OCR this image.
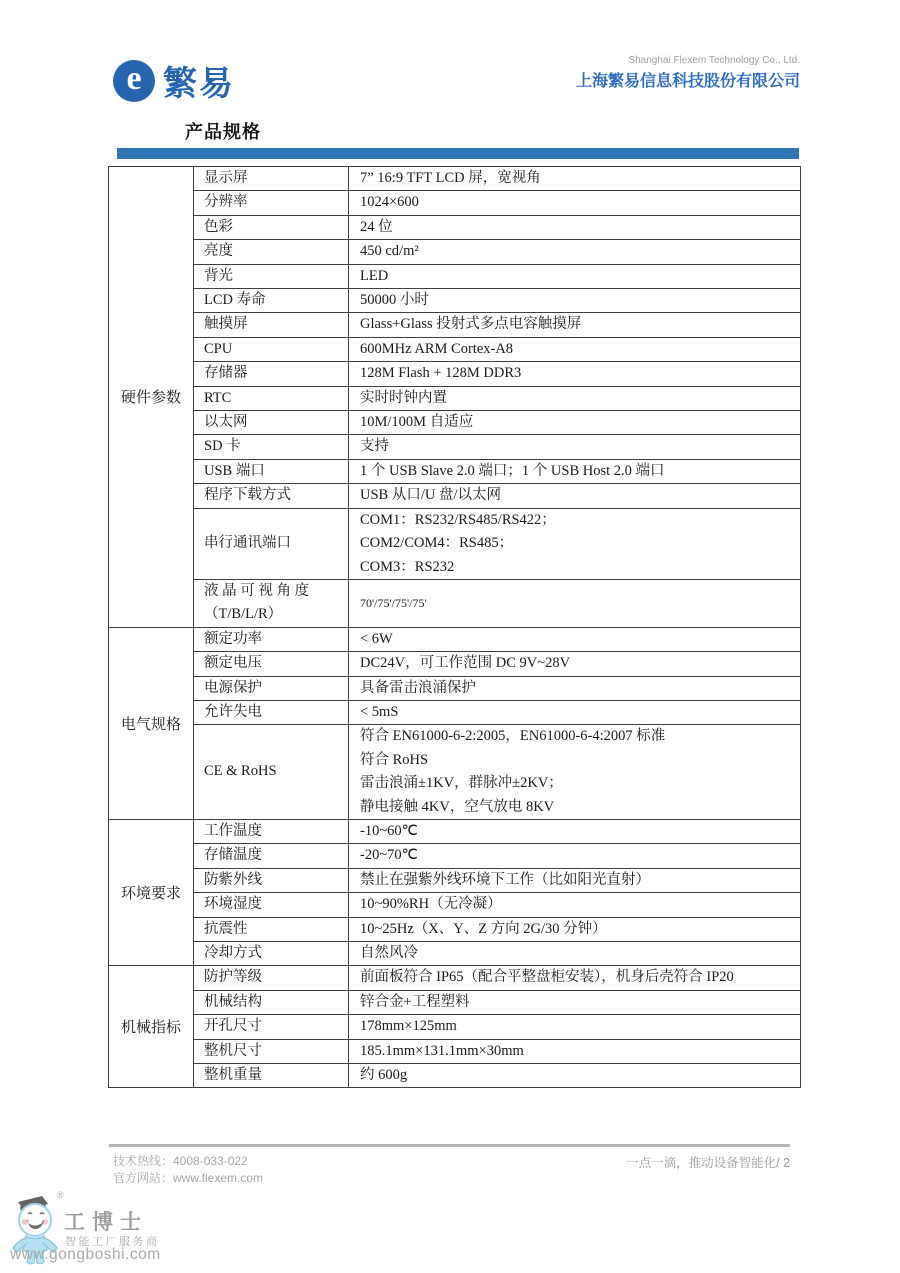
e 繁易
Shanghai Flexem Technology Co., Ltd.
上海繁易信息科技股份有限公司
产品规格
硬件参数	显示屏	7” 16:9 TFT LCD 屏，宽视角

	分辨率	1024×600

	色彩	24 位

	亮度	450 cd/m²

	背光	LED

	LCD 寿命	50000 小时

	触摸屏	Glass+Glass 投射式多点电容触摸屏

	CPU	600MHz ARM Cortex-A8

	存储器	128M Flash + 128M DDR3

	RTC	实时时钟内置

	以太网	10M/100M 自适应

	SD 卡	支持

	USB 端口	1 个 USB Slave 2.0 端口；1 个 USB Host 2.0 端口

	程序下载方式	USB 从口/U 盘/以太网

	串行通讯端口	COM1：RS232/RS485/RS422；
COM2/COM4：RS485；
COM3：RS232

	液 晶 可 视 角 度
（T/B/L/R）	70'/75'/75'/75'

电气规格	额定功率	< 6W

	额定电压	DC24V，可工作范围 DC 9V~28V

	电源保护	具备雷击浪涌保护

	允许失电	< 5mS

	CE & RoHS	符合 EN61000-6-2:2005，EN61000-6-4:2007 标准
符合 RoHS
雷击浪涌±1KV，群脉冲±2KV；
静电接触 4KV，空气放电 8KV

环境要求	工作温度	-10~60℃

	存储温度	-20~70℃

	防紫外线	禁止在强紫外线环境下工作（比如阳光直射）

	环境湿度	10~90%RH（无冷凝）

	抗震性	10~25Hz（X、Y、Z 方向 2G/30 分钟）

	冷却方式	自然风冷

机械指标	防护等级	前面板符合 IP65（配合平整盘柜安装），机身后壳符合 IP20

	机械结构	锌合金+工程塑料

	开孔尺寸	178mm×125mm

	整机尺寸	185.1mm×131.1mm×30mm

	整机重量	约 600g
技术热线：4008-033-022
官方网站：www.flexem.com
一点一滴，推动设备智能化/ 2
®
工博士
智能工厂服务商
www.gongboshi.com
